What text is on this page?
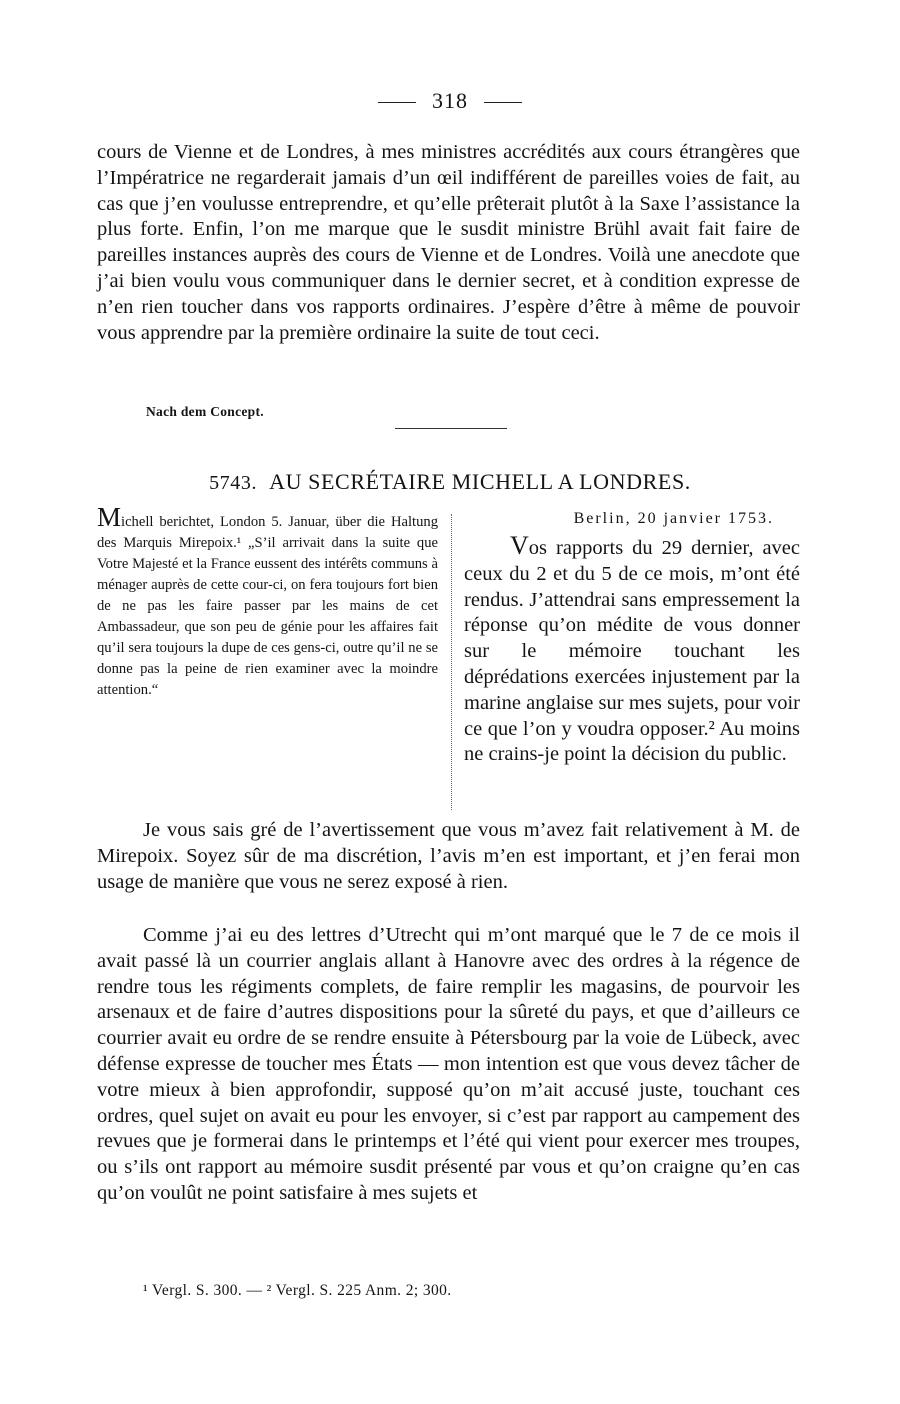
318

cours de Vienne et de Londres, à mes ministres accrédités aux cours étrangères que l’Impératrice ne regarderait jamais d’un œil indifférent de pareilles voies de fait, au cas que j’en voulusse entreprendre, et qu’elle prêterait plutôt à la Saxe l’assistance la plus forte. Enfin, l’on me marque que le susdit ministre Brühl avait fait faire de pareilles instances auprès des cours de Vienne et de Londres. Voilà une anecdote que j’ai bien voulu vous communiquer dans le dernier secret, et à condition expresse de n’en rien toucher dans vos rapports ordinaires. J’espère d’être à même de pouvoir vous apprendre par la première ordinaire la suite de tout ceci.

Nach dem Concept.
5743. AU SECRÉTAIRE MICHELL A LONDRES.

Michell berichtet, London 5. Januar, über die Haltung des Marquis Mirepoix.¹ „S’il arrivait dans la suite que Votre Majesté et la France eussent des intérêts communs à ménager auprès de cette cour-ci, on fera toujours fort bien de ne pas les faire passer par les mains de cet Ambassadeur, que son peu de génie pour les affaires fait qu’il sera toujours la dupe de ces gens-ci, outre qu’il ne se donne pas la peine de rien examiner avec la moindre attention.“

Berlin, 20 janvier 1753.

Vos rapports du 29 dernier, avec ceux du 2 et du 5 de ce mois, m’ont été rendus. J’attendrai sans empressement la réponse qu’on médite de vous donner sur le mémoire touchant les déprédations exercées injustement par la marine anglaise sur mes sujets, pour voir ce que l’on y voudra opposer.² Au moins ne crains-je point la décision du public.

Je vous sais gré de l’avertissement que vous m’avez fait relativement à M. de Mirepoix. Soyez sûr de ma discrétion, l’avis m’en est important, et j’en ferai mon usage de manière que vous ne serez exposé à rien.

Comme j’ai eu des lettres d’Utrecht qui m’ont marqué que le 7 de ce mois il avait passé là un courrier anglais allant à Hanovre avec des ordres à la régence de rendre tous les régiments complets, de faire remplir les magasins, de pourvoir les arsenaux et de faire d’autres dispositions pour la sûreté du pays, et que d’ailleurs ce courrier avait eu ordre de se rendre ensuite à Pétersbourg par la voie de Lübeck, avec défense expresse de toucher mes États — mon intention est que vous devez tâcher de votre mieux à bien approfondir, supposé qu’on m’ait accusé juste, touchant ces ordres, quel sujet on avait eu pour les envoyer, si c’est par rapport au campement des revues que je formerai dans le printemps et l’été qui vient pour exercer mes troupes, ou s’ils ont rapport au mémoire susdit présenté par vous et qu’on craigne qu’en cas qu’on voulût ne point satisfaire à mes sujets et

¹ Vergl. S. 300. — ² Vergl. S. 225 Anm. 2; 300.
